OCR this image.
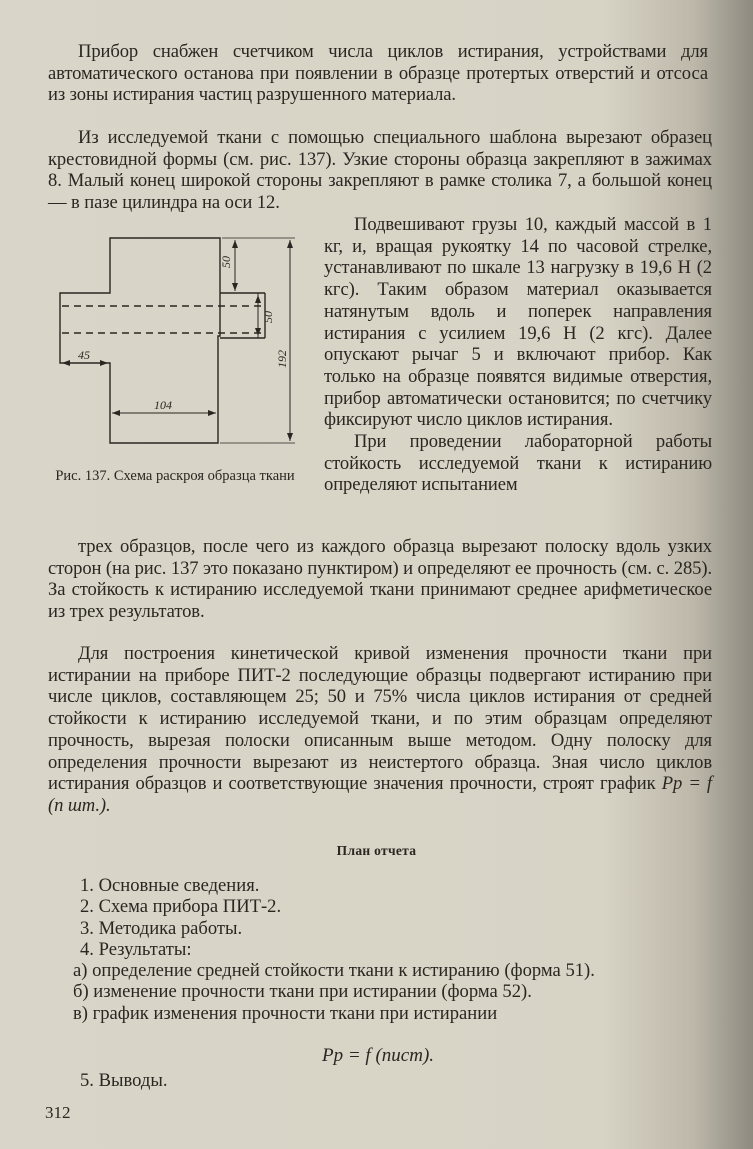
Прибор снабжен счетчиком числа циклов истирания, устройствами для автоматического останова при появлении в образце протертых отверстий и отсоса из зоны истирания частиц разрушенного материала.

Из исследуемой ткани с помощью специального шаблона вырезают образец крестовидной формы (см. рис. 137). Узкие стороны образца закрепляют в зажимах 8. Малый конец широкой стороны закрепляют в рамке столика 7, а большой конец — в пазе цилиндра на оси 12.

50
50
45	192
104
Рис. 137. Схема раскроя образца ткани

Подвешивают грузы 10, каждый массой в 1 кг, и, вращая рукоятку 14 по часовой стрелке, устанавливают по шкале 13 нагрузку в 19,6 Н (2 кгс). Таким образом материал оказывается натянутым вдоль и поперек направления истирания с усилием 19,6 Н (2 кгс). Далее опускают рычаг 5 и включают прибор. Как только на образце появятся видимые отверстия, прибор автоматически остановится; по счетчику фиксируют число циклов истирания.
При проведении лабораторной работы стойкость исследуемой ткани к истиранию определяют испытанием

трех образцов, после чего из каждого образца вырезают полоску вдоль узких сторон (на рис. 137 это показано пунктиром) и определяют ее прочность (см. с. 285). За стойкость к истиранию исследуемой ткани принимают среднее арифметическое из трех результатов.

Для построения кинетической кривой изменения прочности ткани при истирании на приборе ПИТ-2 последующие образцы подвергают истиранию при числе циклов, составляющем 25; 50 и 75% числа циклов истирания от средней стойкости к истиранию исследуемой ткани, и по этим образцам определяют прочность, вырезая полоски описанным выше методом. Одну полоску для определения прочности вырезают из неистертого образца. Зная число циклов истирания образцов и соответствующие значения прочности, строят график Pр = f (n шт.).

План отчета
1. Основные сведения.
2. Схема прибора ПИТ-2.
3. Методика работы.
4. Результаты:
а) определение средней стойкости ткани к истиранию (форма 51).
б) изменение прочности ткани при истирании (форма 52).
в) график изменения прочности ткани при истирании
Pр = f (nист).
5. Выводы.
312
